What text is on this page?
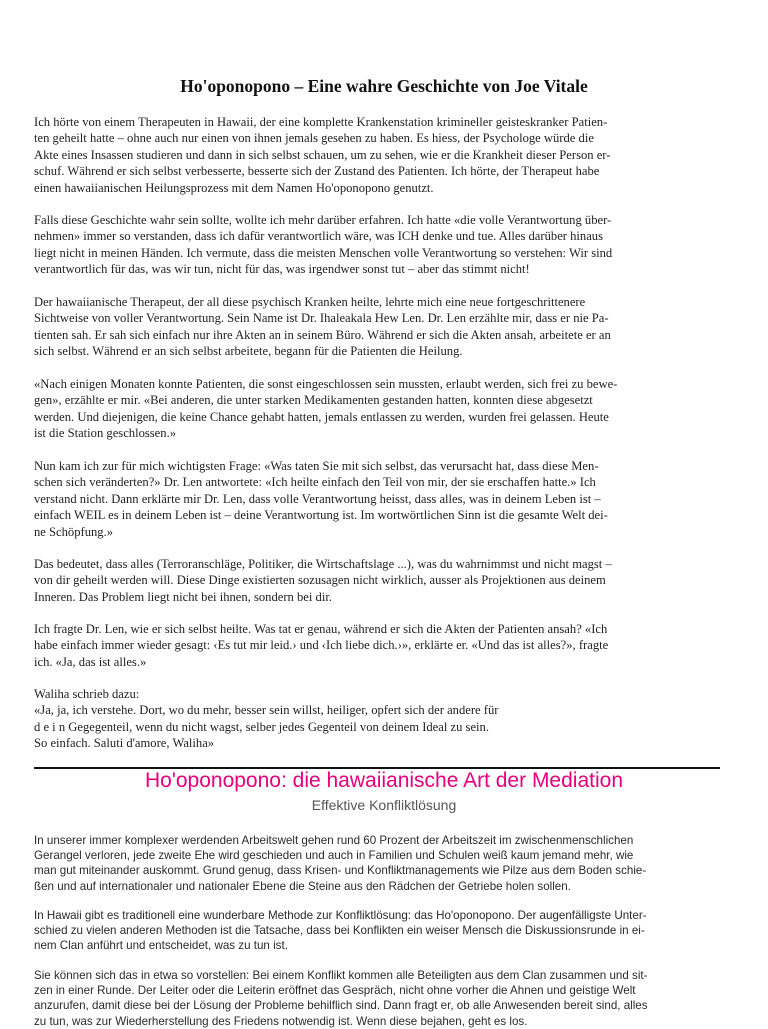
Ho'oponopono – Eine wahre Geschichte von Joe Vitale
Ich hörte von einem Therapeuten in Hawaii, der eine komplette Krankenstation krimineller geisteskranker Patien-
ten geheilt hatte – ohne auch nur einen von ihnen jemals gesehen zu haben. Es hiess, der Psychologe würde die
Akte eines Insassen studieren und dann in sich selbst schauen, um zu sehen, wie er die Krankheit dieser Person er-
schuf. Während er sich selbst verbesserte, besserte sich der Zustand des Patienten. Ich hörte, der Therapeut habe
einen hawaiianischen Heilungsprozess mit dem Namen Ho'oponopono genutzt.
Falls diese Geschichte wahr sein sollte, wollte ich mehr darüber erfahren. Ich hatte «die volle Verantwortung über-
nehmen» immer so verstanden, dass ich dafür verantwortlich wäre, was ICH denke und tue. Alles darüber hinaus
liegt nicht in meinen Händen. Ich vermute, dass die meisten Menschen volle Verantwortung so verstehen: Wir sind
verantwortlich für das, was wir tun, nicht für das, was irgendwer sonst tut – aber das stimmt nicht!
Der hawaiianische Therapeut, der all diese psychisch Kranken heilte, lehrte mich eine neue fortgeschrittenere
Sichtweise von voller Verantwortung. Sein Name ist Dr. Ihaleakala Hew Len. Dr. Len erzählte mir, dass er nie Pa-
tienten sah. Er sah sich einfach nur ihre Akten an in seinem Büro. Während er sich die Akten ansah, arbeitete er an
sich selbst. Während er an sich selbst arbeitete, begann für die Patienten die Heilung.
«Nach einigen Monaten konnte Patienten, die sonst eingeschlossen sein mussten, erlaubt werden, sich frei zu bewe-
gen», erzählte er mir. «Bei anderen, die unter starken Medikamenten gestanden hatten, konnten diese abgesetzt
werden. Und diejenigen, die keine Chance gehabt hatten, jemals entlassen zu werden, wurden frei gelassen. Heute
ist die Station geschlossen.»
Nun kam ich zur für mich wichtigsten Frage: «Was taten Sie mit sich selbst, das verursacht hat, dass diese Men-
schen sich veränderten?» Dr. Len antwortete: «Ich heilte einfach den Teil von mir, der sie erschaffen hatte.» Ich
verstand nicht. Dann erklärte mir Dr. Len, dass volle Verantwortung heisst, dass alles, was in deinem Leben ist –
einfach WEIL es in deinem Leben ist – deine Verantwortung ist. Im wortwörtlichen Sinn ist die gesamte Welt dei-
ne Schöpfung.»
Das bedeutet, dass alles (Terroranschläge, Politiker, die Wirtschaftslage ...), was du wahrnimmst und nicht magst –
von dir geheilt werden will. Diese Dinge existierten sozusagen nicht wirklich, ausser als Projektionen aus deinem
Inneren. Das Problem liegt nicht bei ihnen, sondern bei dir.
Ich fragte Dr. Len, wie er sich selbst heilte. Was tat er genau, während er sich die Akten der Patienten ansah? «Ich
habe einfach immer wieder gesagt: ‹Es tut mir leid.› und ‹Ich liebe dich.›», erklärte er. «Und das ist alles?», fragte
ich. «Ja, das ist alles.»
Waliha schrieb dazu:
«Ja, ja, ich verstehe. Dort, wo du mehr, besser sein willst, heiliger, opfert sich der andere für
d e i n Gegegenteil, wenn du nicht wagst, selber jedes Gegenteil von deinem Ideal zu sein.
So einfach. Saluti d'amore, Waliha»
Ho'oponopono: die hawaiianische Art der Mediation
Effektive Konfliktlösung
In unserer immer komplexer werdenden Arbeitswelt gehen rund 60 Prozent der Arbeitszeit im zwischenmenschlichen
Gerangel verloren, jede zweite Ehe wird geschieden und auch in Familien und Schulen weiß kaum jemand mehr, wie
man gut miteinander auskommt. Grund genug, dass Krisen- und Konfliktmanagements wie Pilze aus dem Boden schie-
ßen und auf internationaler und nationaler Ebene die Steine aus den Rädchen der Getriebe holen sollen.
In Hawaii gibt es traditionell eine wunderbare Methode zur Konfliktlösung: das Ho'oponopono. Der augenfälligste Unter-
schied zu vielen anderen Methoden ist die Tatsache, dass bei Konflikten ein weiser Mensch die Diskussionsrunde in ei-
nem Clan anführt und entscheidet, was zu tun ist.
Sie können sich das in etwa so vorstellen: Bei einem Konflikt kommen alle Beteiligten aus dem Clan zusammen und sit-
zen in einer Runde. Der Leiter oder die Leiterin eröffnet das Gespräch, nicht ohne vorher die Ahnen und geistige Welt
anzurufen, damit diese bei der Lösung der Probleme behilflich sind. Dann fragt er, ob alle Anwesenden bereit sind, alles
zu tun, was zur Wiederherstellung des Friedens notwendig ist. Wenn diese bejahen, geht es los.
